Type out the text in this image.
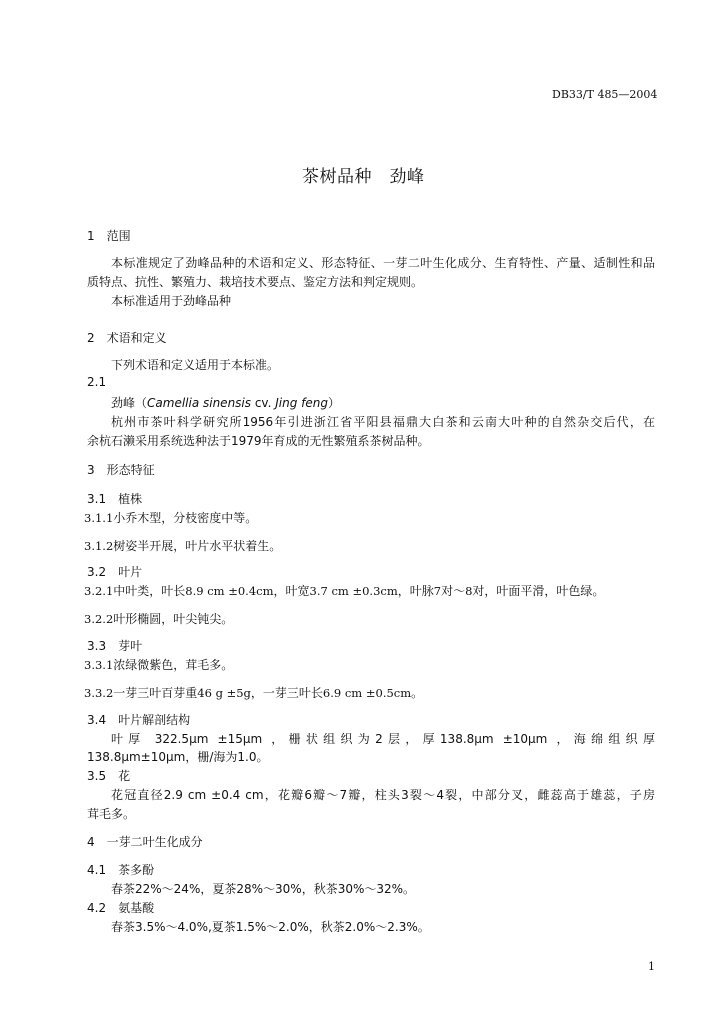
DB33/T 485—2004
茶树品种　劲峰
1　范围
本标准规定了劲峰品种的术语和定义、形态特征、一芽二叶生化成分、生育特性、产量、适制性和品
质特点、抗性、繁殖力、栽培技术要点、鉴定方法和判定规则。
本标准适用于劲峰品种
2　术语和定义
下列术语和定义适用于本标准。
2.1
劲峰（Camellia sinensis cv. Jing feng）
杭州市茶叶科学研究所1956年引进浙江省平阳县福鼎大白茶和云南大叶种的自然杂交后代，在
余杭石濑采用系统选种法于1979年育成的无性繁殖系茶树品种。
3　形态特征
3.1　植株
3.1.1小乔木型，分枝密度中等。
3.1.2树姿半开展，叶片水平状着生。
3.2　叶片
3.2.1中叶类，叶长8.9 cm ±0.4cm，叶宽3.7 cm ±0.3cm，叶脉7对～8对，叶面平滑，叶色绿。
3.2.2叶形椭圆，叶尖钝尖。
3.3　芽叶
3.3.1浓绿微紫色，茸毛多。
3.3.2一芽三叶百芽重46 g ±5g，一芽三叶长6.9 cm ±0.5cm。
3.4　叶片解剖结构
叶厚 322.5μm ±15μm ，栅状组织为2层，厚138.8μm ±10μm ，海绵组织厚
138.8μm±10μm，栅/海为1.0。
3.5　花
花冠直径2.9 cm ±0.4 cm，花瓣6瓣～7瓣，柱头3裂～4裂，中部分叉，雌蕊高于雄蕊，子房
茸毛多。
4　一芽二叶生化成分
4.1　茶多酚
春茶22%～24%，夏茶28%～30%，秋茶30%～32%。
4.2　氨基酸
春茶3.5%～4.0%,夏茶1.5%～2.0%，秋茶2.0%～2.3%。
1
